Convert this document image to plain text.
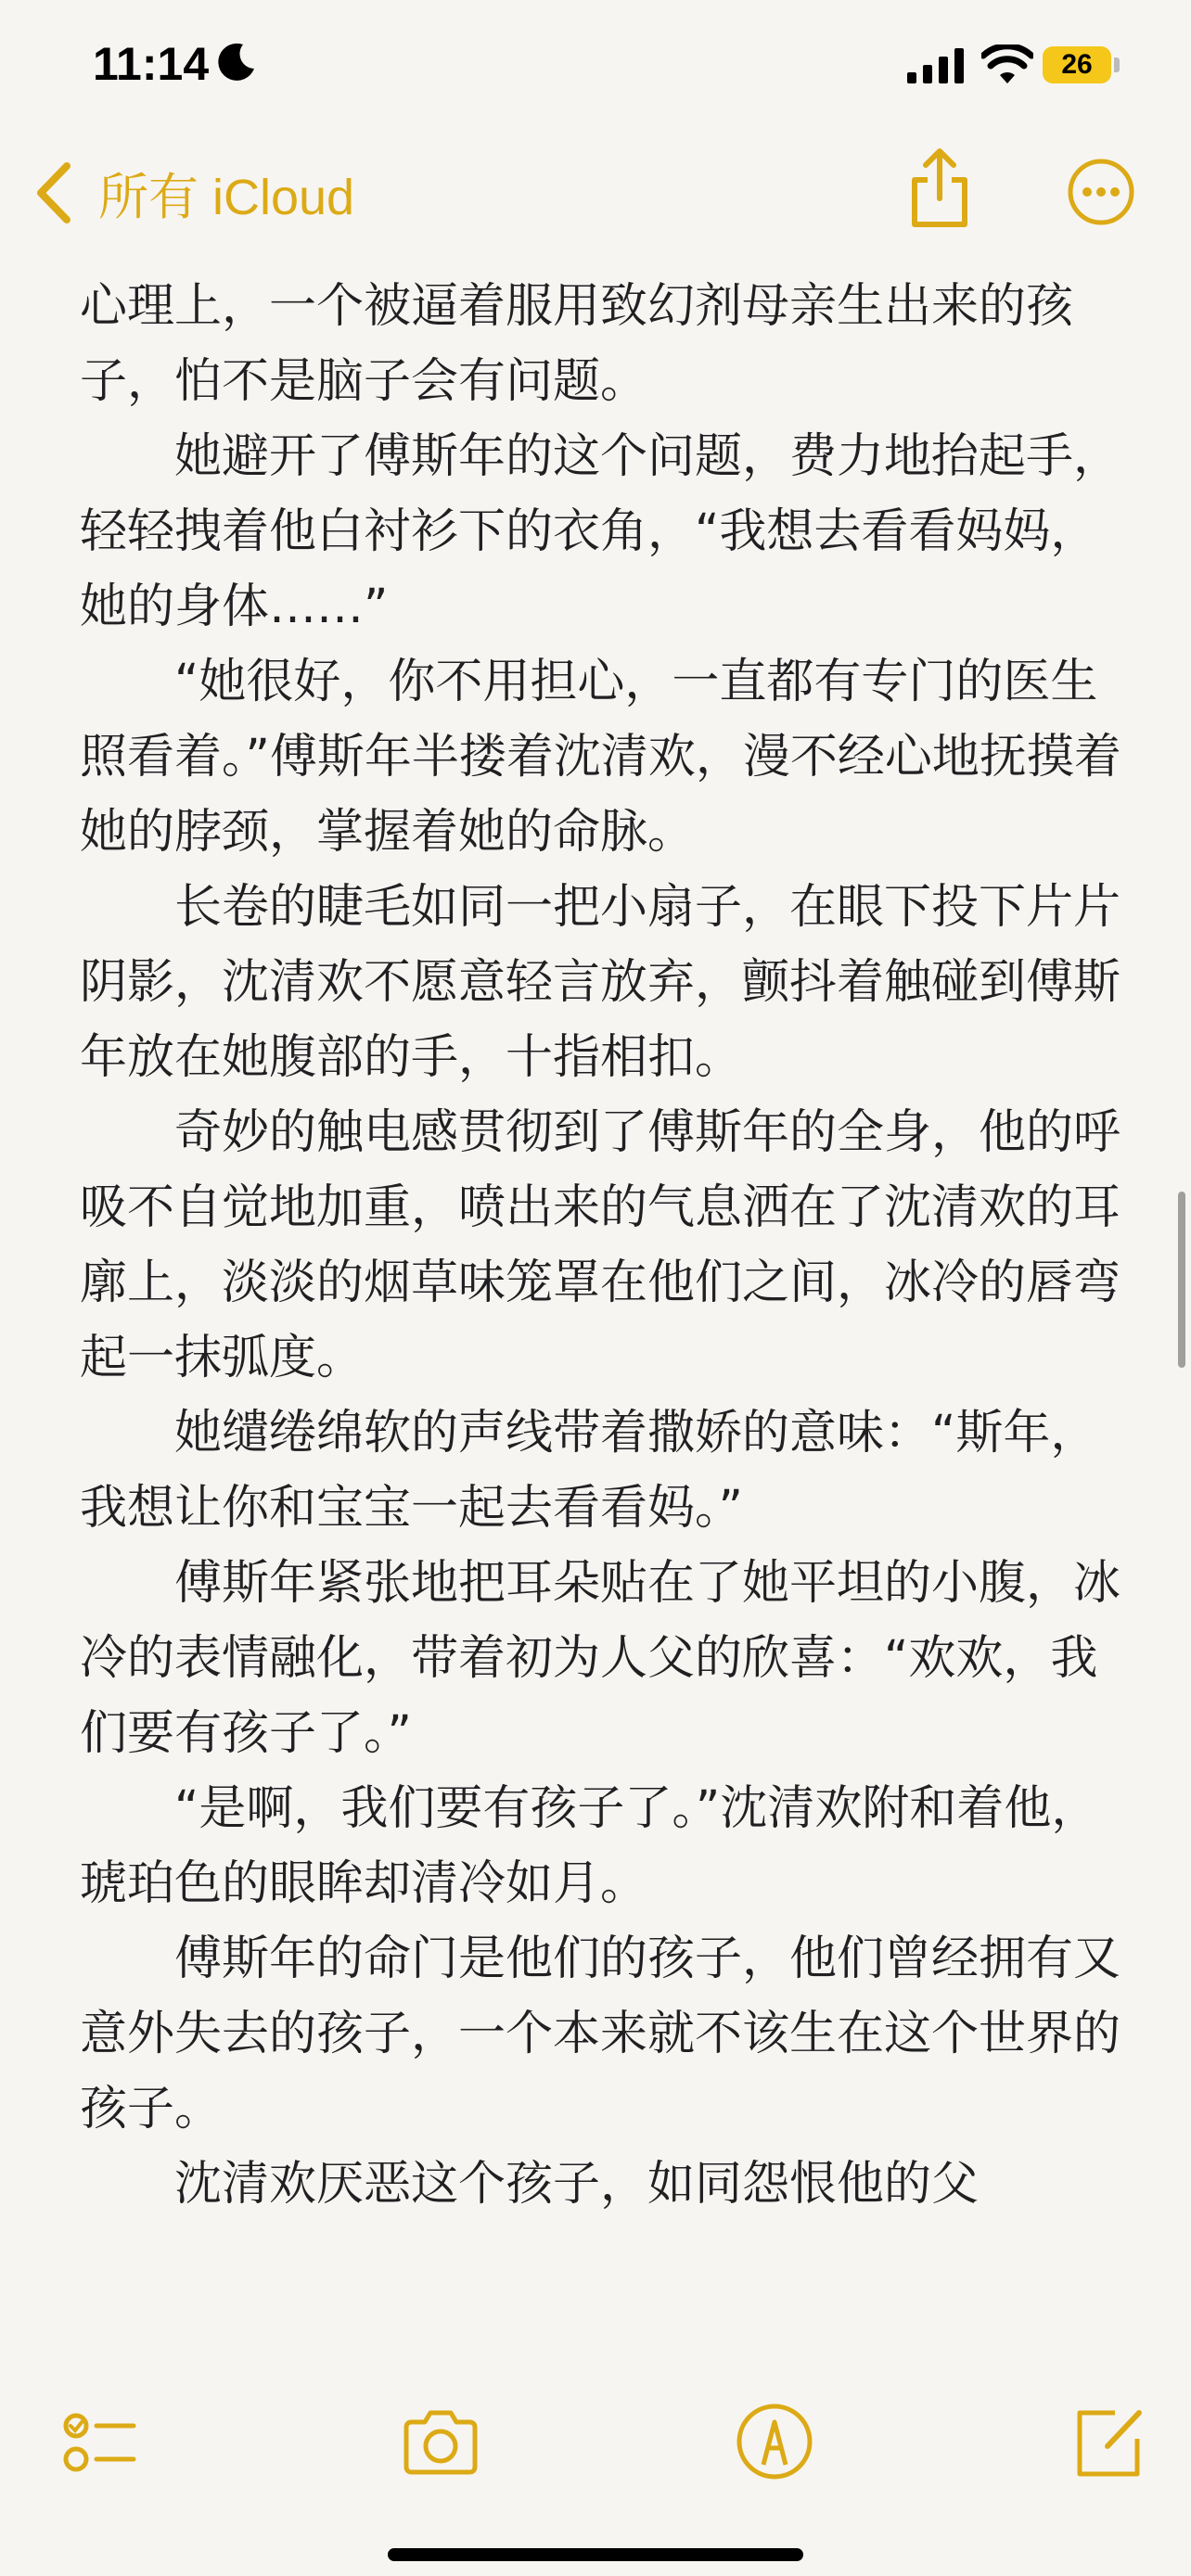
11:14	26
所有 iCloud

心理上，一个被逼着服用致幻剂母亲生出来的孩子，怕不是脑子会有问题。

她避开了傅斯年的这个问题，费力地抬起手，轻轻拽着他白衬衫下的衣角，“我想去看看妈妈，她的身体……”

“她很好，你不用担心，一直都有专门的医生照看着。”傅斯年半搂着沈清欢，漫不经心地抚摸着她的脖颈，掌握着她的命脉。

长卷的睫毛如同一把小扇子，在眼下投下片片阴影，沈清欢不愿意轻言放弃，颤抖着触碰到傅斯年放在她腹部的手，十指相扣。

奇妙的触电感贯彻到了傅斯年的全身，他的呼吸不自觉地加重，喷出来的气息洒在了沈清欢的耳廓上，淡淡的烟草味笼罩在他们之间，冰冷的唇弯起一抹弧度。

她缱绻绵软的声线带着撒娇的意味：“斯年，我想让你和宝宝一起去看看妈。”

傅斯年紧张地把耳朵贴在了她平坦的小腹，冰冷的表情融化，带着初为人父的欣喜：“欢欢，我们要有孩子了。”

“是啊，我们要有孩子了。”沈清欢附和着他，琥珀色的眼眸却清冷如月。

傅斯年的命门是他们的孩子，他们曾经拥有又意外失去的孩子，一个本来就不该生在这个世界的孩子。

沈清欢厌恶这个孩子，如同怨恨他的父
